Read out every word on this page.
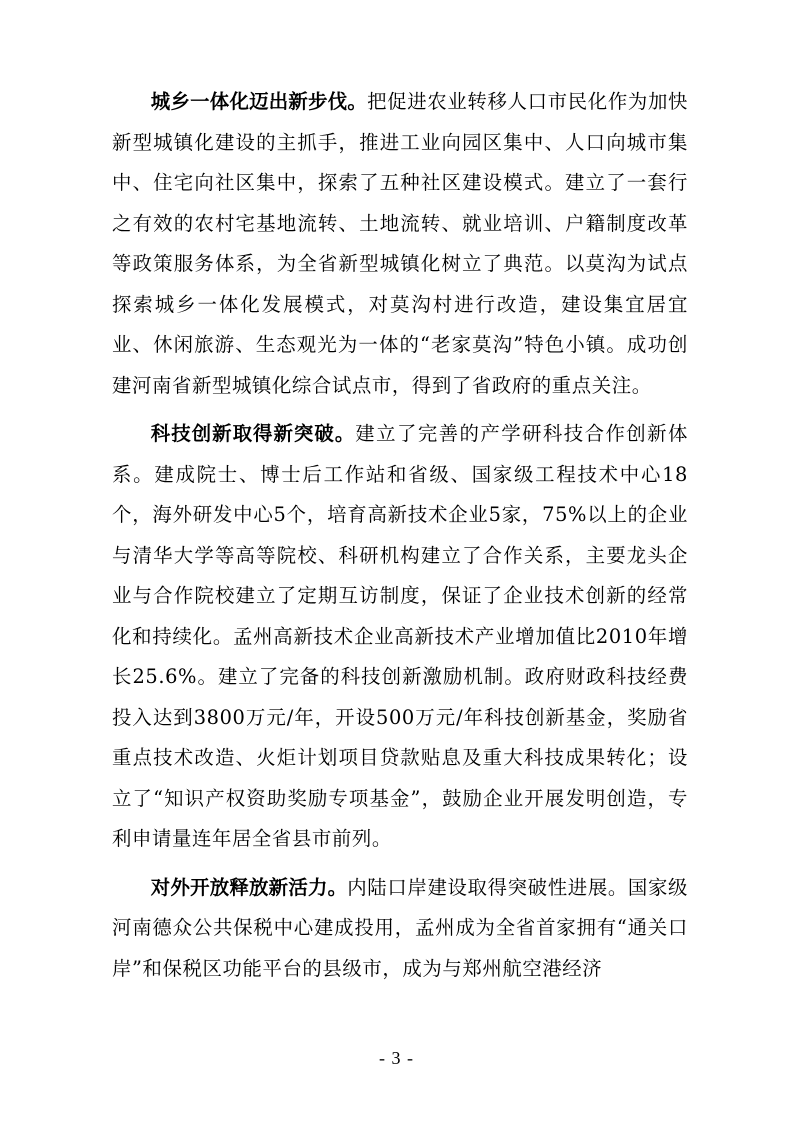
城乡一体化迈出新步伐。把促进农业转移人口市民化作为加快新型城镇化建设的主抓手，推进工业向园区集中、人口向城市集中、住宅向社区集中，探索了五种社区建设模式。建立了一套行之有效的农村宅基地流转、土地流转、就业培训、户籍制度改革等政策服务体系，为全省新型城镇化树立了典范。以莫沟为试点探索城乡一体化发展模式，对莫沟村进行改造，建设集宜居宜业、休闲旅游、生态观光为一体的“老家莫沟”特色小镇。成功创建河南省新型城镇化综合试点市，得到了省政府的重点关注。

科技创新取得新突破。建立了完善的产学研科技合作创新体系。建成院士、博士后工作站和省级、国家级工程技术中心18个，海外研发中心5个，培育高新技术企业5家，75%以上的企业与清华大学等高等院校、科研机构建立了合作关系，主要龙头企业与合作院校建立了定期互访制度，保证了企业技术创新的经常化和持续化。孟州高新技术企业高新技术产业增加值比2010年增长25.6%。建立了完备的科技创新激励机制。政府财政科技经费投入达到3800万元/年，开设500万元/年科技创新基金，奖励省重点技术改造、火炬计划项目贷款贴息及重大科技成果转化；设立了“知识产权资助奖励专项基金”，鼓励企业开展发明创造，专利申请量连年居全省县市前列。

对外开放释放新活力。内陆口岸建设取得突破性进展。国家级河南德众公共保税中心建成投用，孟州成为全省首家拥有“通关口岸”和保税区功能平台的县级市，成为与郑州航空港经济

- 3 -
